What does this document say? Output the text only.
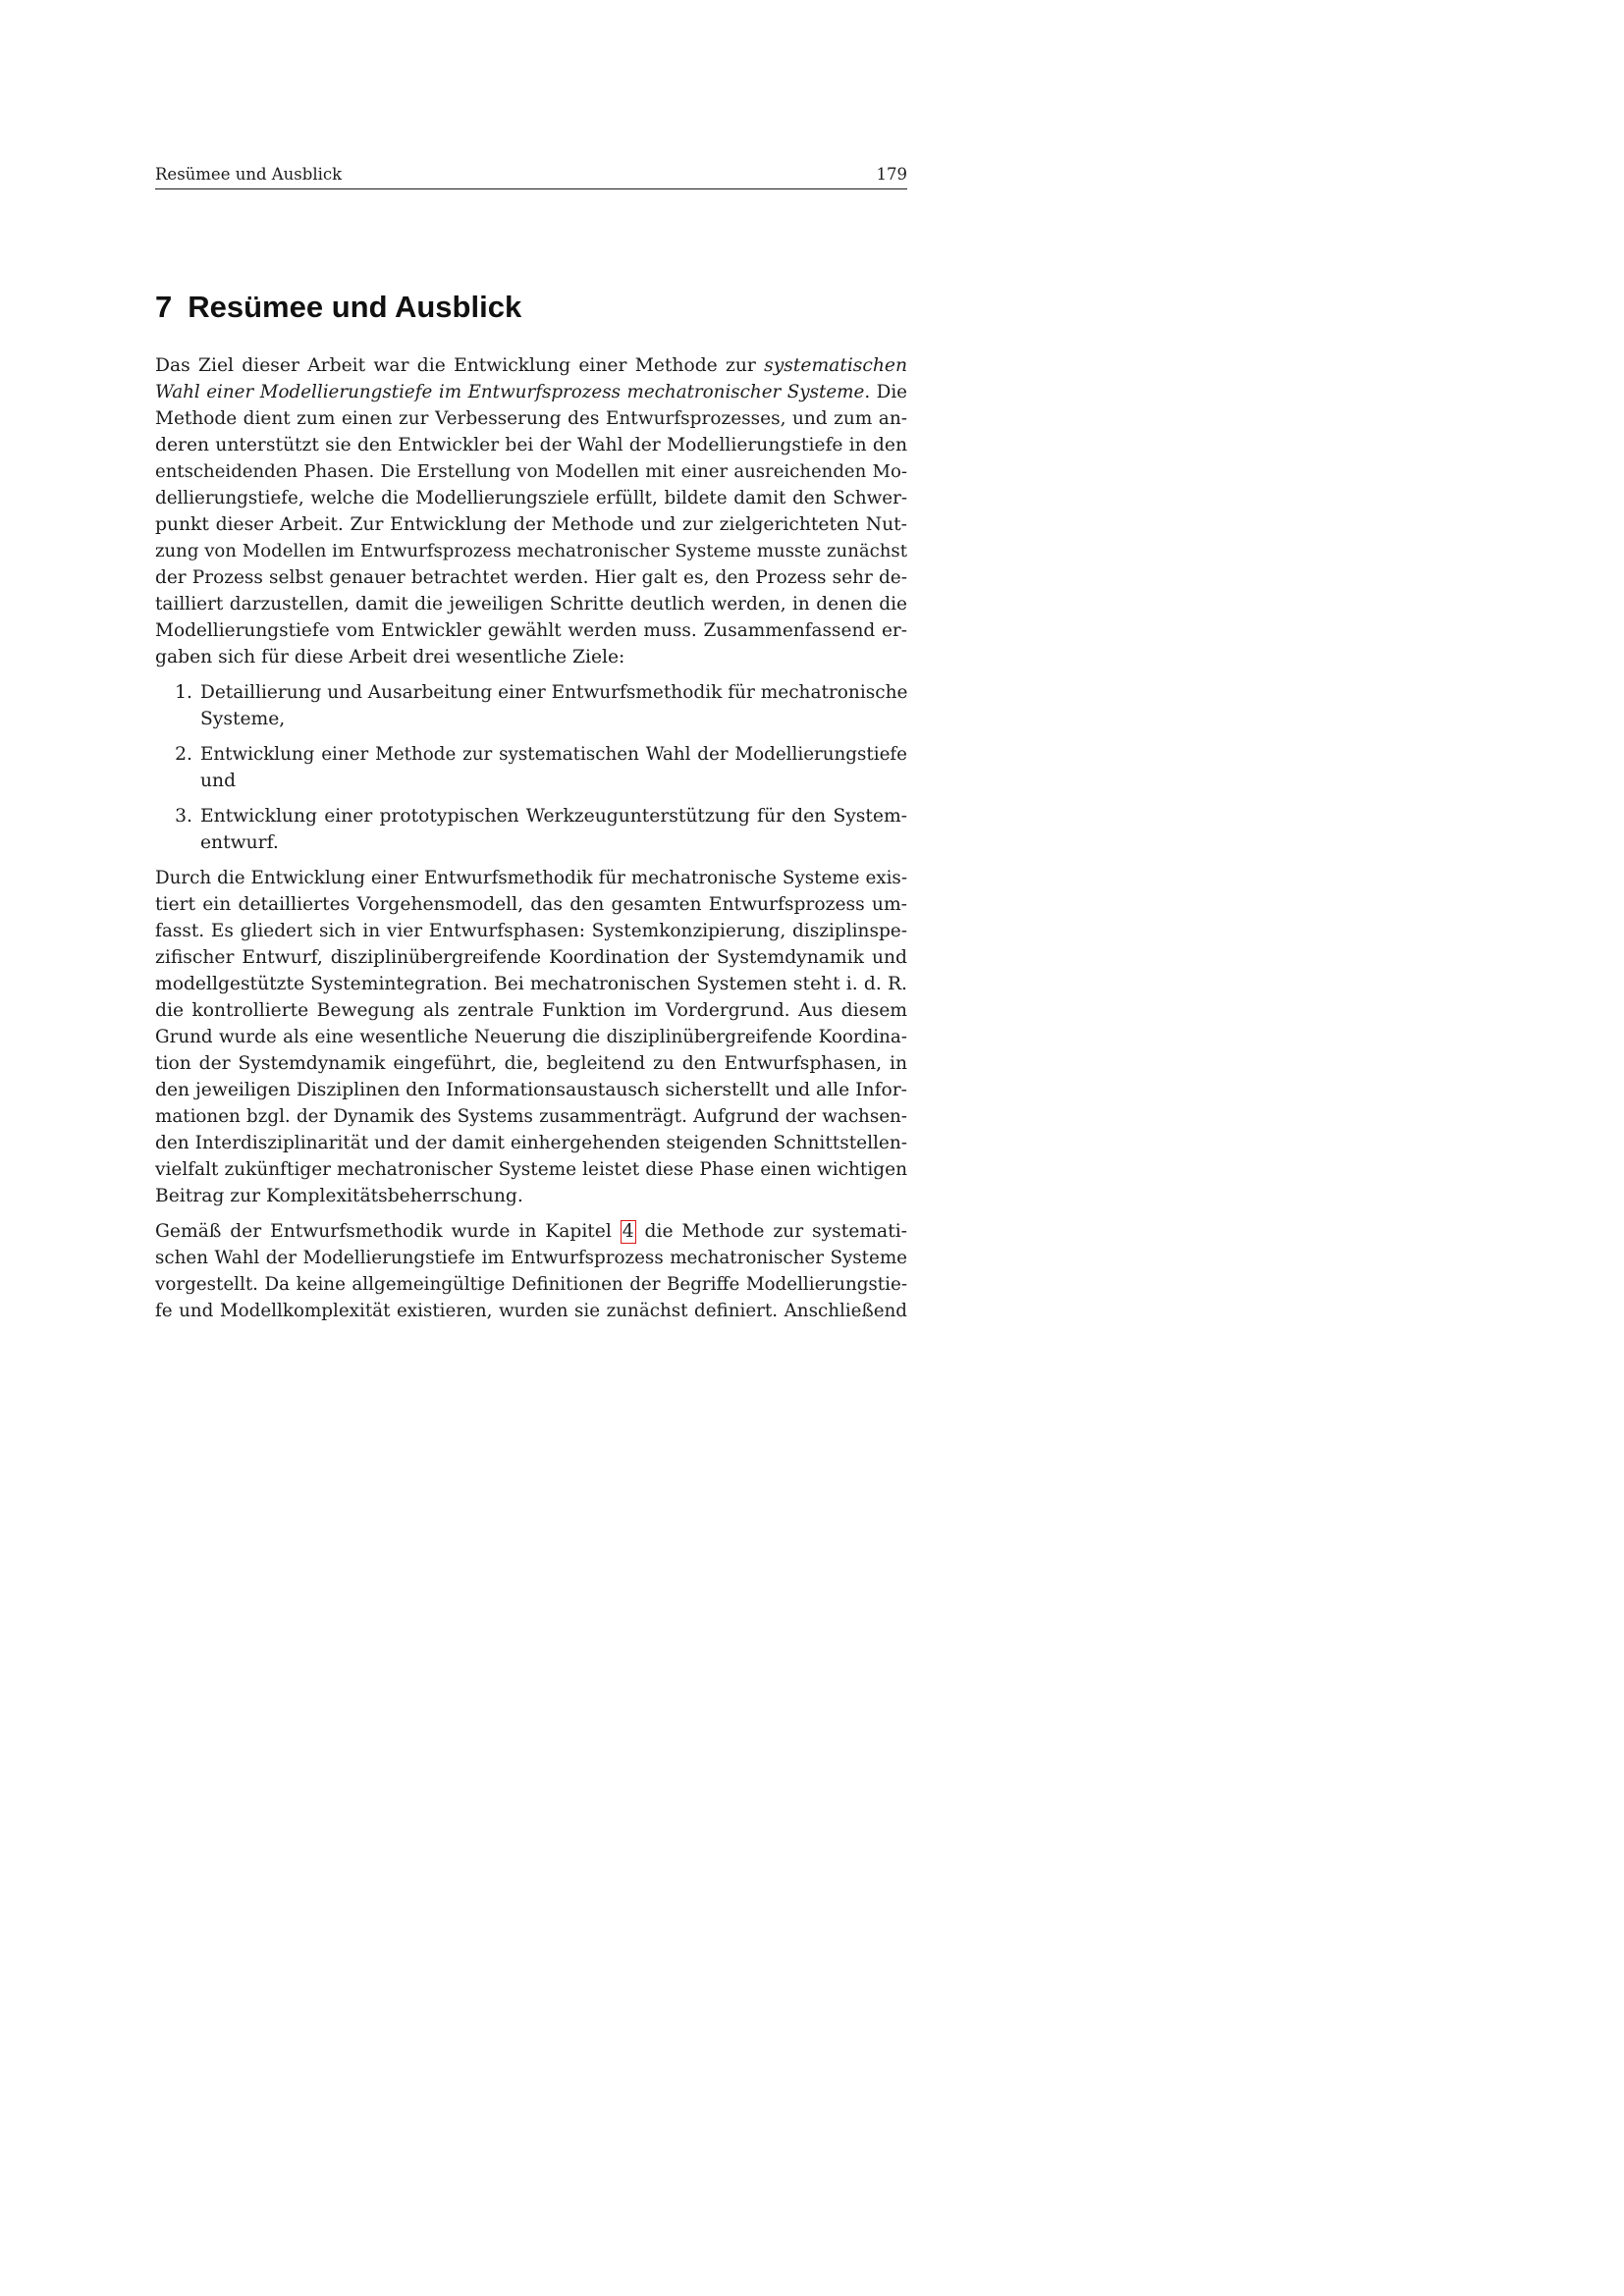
Resümee und Ausblick	179
7 Resümee und Ausblick
Das Ziel dieser Arbeit war die Entwicklung einer Methode zur systematischen
Wahl einer Modellierungstiefe im Entwurfsprozess mechatronischer Systeme. Die
Methode dient zum einen zur Verbesserung des Entwurfsprozesses, und zum an-
deren unterstützt sie den Entwickler bei der Wahl der Modellierungstiefe in den
entscheidenden Phasen. Die Erstellung von Modellen mit einer ausreichenden Mo-
dellierungstiefe, welche die Modellierungsziele erfüllt, bildete damit den Schwer-
punkt dieser Arbeit. Zur Entwicklung der Methode und zur zielgerichteten Nut-
zung von Modellen im Entwurfsprozess mechatronischer Systeme musste zunächst
der Prozess selbst genauer betrachtet werden. Hier galt es, den Prozess sehr de-
tailliert darzustellen, damit die jeweiligen Schritte deutlich werden, in denen die
Modellierungstiefe vom Entwickler gewählt werden muss. Zusammenfassend er-
gaben sich für diese Arbeit drei wesentliche Ziele:
1. Detaillierung und Ausarbeitung einer Entwurfsmethodik für mechatronische
Systeme,
2. Entwicklung einer Methode zur systematischen Wahl der Modellierungstiefe
und
3. Entwicklung einer prototypischen Werkzeugunterstützung für den System-
entwurf.
Durch die Entwicklung einer Entwurfsmethodik für mechatronische Systeme exis-
tiert ein detailliertes Vorgehensmodell, das den gesamten Entwurfsprozess um-
fasst. Es gliedert sich in vier Entwurfsphasen: Systemkonzipierung, disziplinspe-
zifischer Entwurf, disziplinübergreifende Koordination der Systemdynamik und
modellgestützte Systemintegration. Bei mechatronischen Systemen steht i. d. R.
die kontrollierte Bewegung als zentrale Funktion im Vordergrund. Aus diesem
Grund wurde als eine wesentliche Neuerung die disziplinübergreifende Koordina-
tion der Systemdynamik eingeführt, die, begleitend zu den Entwurfsphasen, in
den jeweiligen Disziplinen den Informationsaustausch sicherstellt und alle Infor-
mationen bzgl. der Dynamik des Systems zusammenträgt. Aufgrund der wachsen-
den Interdisziplinarität und der damit einhergehenden steigenden Schnittstellen-
vielfalt zukünftiger mechatronischer Systeme leistet diese Phase einen wichtigen
Beitrag zur Komplexitätsbeherrschung.
Gemäß der Entwurfsmethodik wurde in Kapitel 4 die Methode zur systemati-
schen Wahl der Modellierungstiefe im Entwurfsprozess mechatronischer Systeme
vorgestellt. Da keine allgemeingültige Definitionen der Begriffe Modellierungstie-
fe und Modellkomplexität existieren, wurden sie zunächst definiert. Anschließend
